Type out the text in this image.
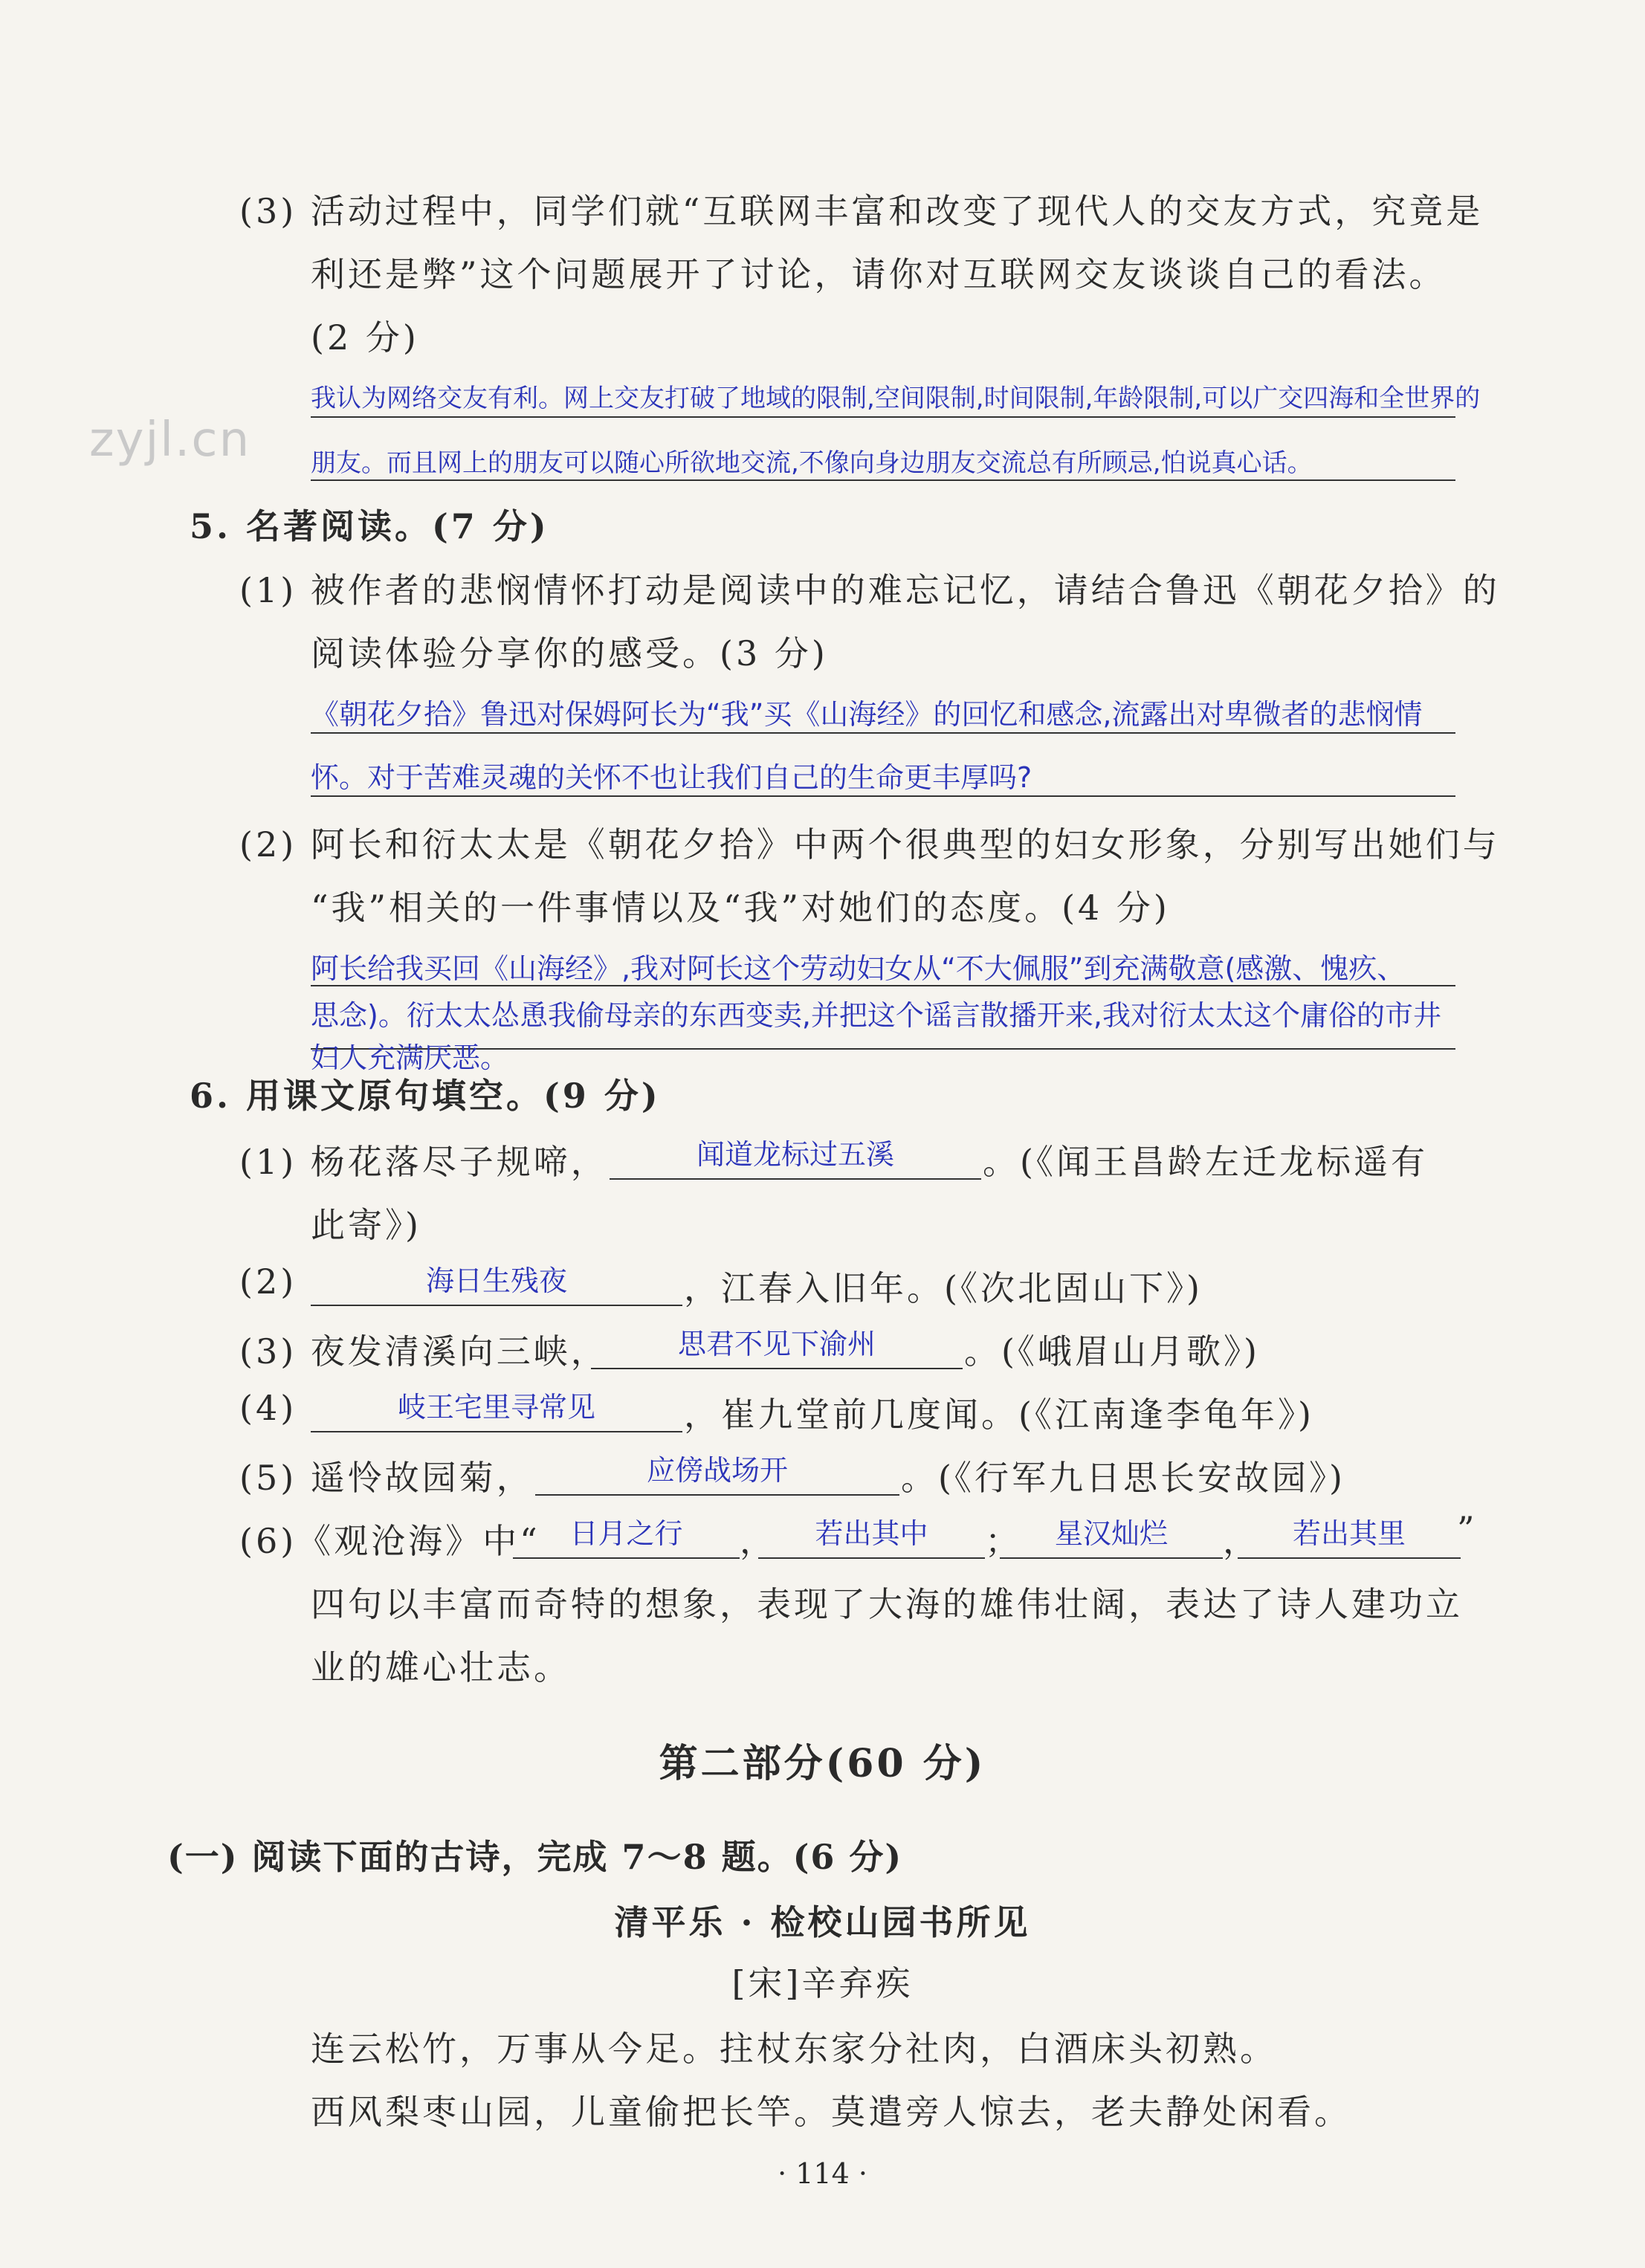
zyjl.cn
(3) 活动过程中，同学们就“互联网丰富和改变了现代人的交友方式，究竟是
利还是弊”这个问题展开了讨论，请你对互联网交友谈谈自己的看法。
(2 分)
我认为网络交友有利。网上交友打破了地域的限制,空间限制,时间限制,年龄限制,可以广交四海和全世界的
朋友。而且网上的朋友可以随心所欲地交流,不像向身边朋友交流总有所顾忌,怕说真心话。
5. 名著阅读。(7 分)
(1) 被作者的悲悯情怀打动是阅读中的难忘记忆，请结合鲁迅《朝花夕拾》的
阅读体验分享你的感受。(3 分)
《朝花夕拾》鲁迅对保姆阿长为“我”买《山海经》的回忆和感念,流露出对卑微者的悲悯情
怀。对于苦难灵魂的关怀不也让我们自己的生命更丰厚吗?
(2) 阿长和衍太太是《朝花夕拾》中两个很典型的妇女形象，分别写出她们与
“我”相关的一件事情以及“我”对她们的态度。(4 分)
阿长给我买回《山海经》,我对阿长这个劳动妇女从“不大佩服”到充满敬意(感激、愧疚、
思念)。衍太太怂恿我偷母亲的东西变卖,并把这个谣言散播开来,我对衍太太这个庸俗的市井
妇人充满厌恶。
6. 用课文原句填空。(9 分)
(1) 杨花落尽子规啼，	闻道龙标过五溪	。(《闻王昌龄左迁龙标遥有
此寄》)
(2)	海日生残夜	，江春入旧年。(《次北固山下》)
(3) 夜发清溪向三峡，	思君不见下渝州	。(《峨眉山月歌》)
(4)	岐王宅里寻常见	，崔九堂前几度闻。(《江南逢李龟年》)
(5) 遥怜故园菊，	应傍战场开	。(《行军九日思长安故园》)
(6)《观沧海》中“	日月之行	，	若出其中	；	星汉灿烂	，	若出其里	”
四句以丰富而奇特的想象，表现了大海的雄伟壮阔，表达了诗人建功立
业的雄心壮志。
第二部分(60 分)
(一) 阅读下面的古诗，完成 7～8 题。(6 分)
清平乐 · 检校山园书所见
[宋]辛弃疾
连云松竹，万事从今足。拄杖东家分社肉，白酒床头初熟。
西风梨枣山园，儿童偷把长竿。莫遣旁人惊去，老夫静处闲看。
· 114 ·
